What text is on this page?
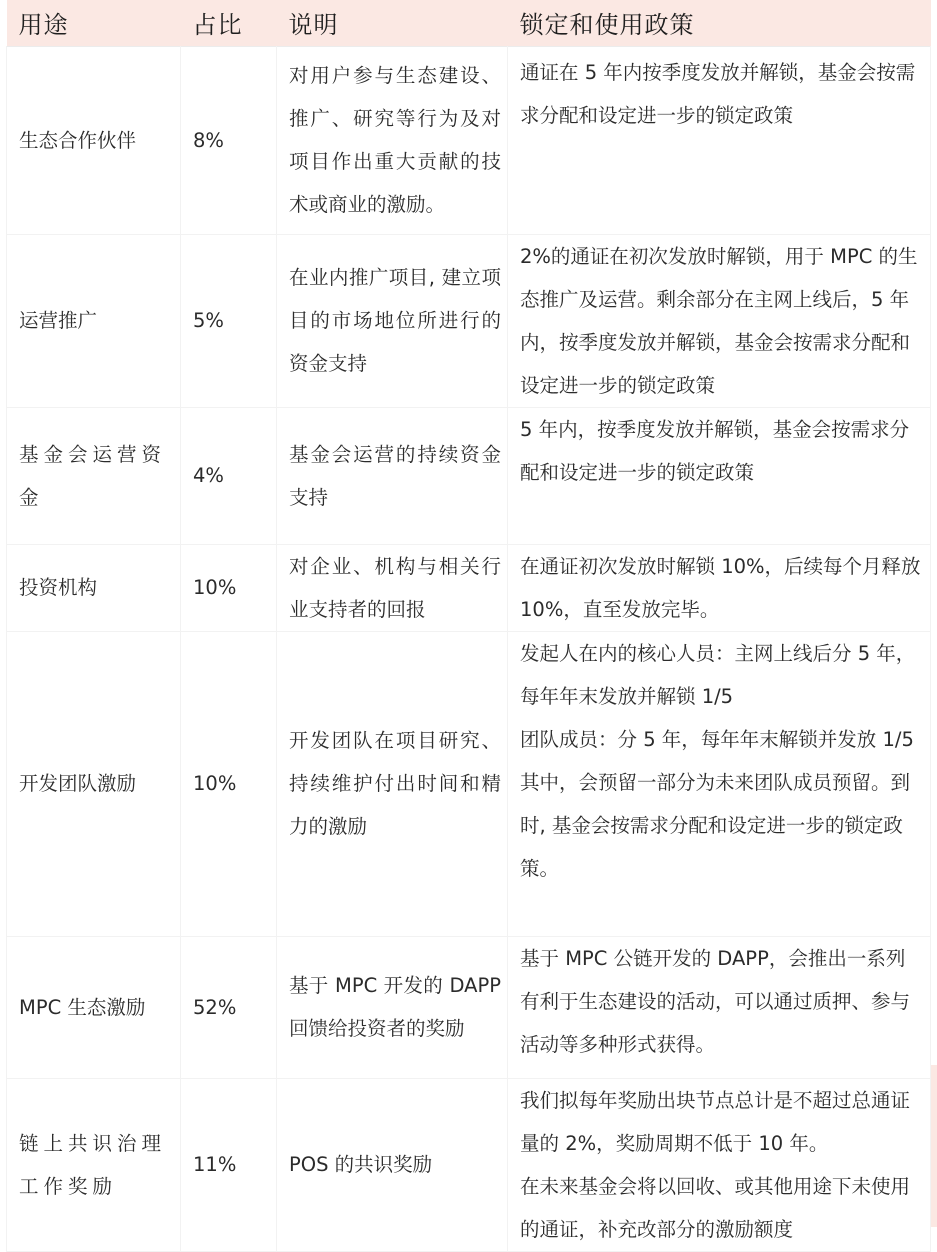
用途	占比	说明	锁定和使用政策
生态合作伙伴	8%	对用户参与生态建设、推广、研究等行为及对项目作出重大贡献的技术或商业的激励。	通证在 5 年内按季度发放并解锁，基金会按需求分配和设定进一步的锁定政策

运营推广	5%	在业内推广项目, 建立项目的市场地位所进行的资金支持	2%的通证在初次发放时解锁，用于 MPC 的生态推广及运营。剩余部分在主网上线后，5 年内，按季度发放并解锁，基金会按需求分配和设定进一步的锁定政策

基金会运营资金	4%	基金会运营的持续资金支持	5 年内，按季度发放并解锁，基金会按需求分配和设定进一步的锁定政策

投资机构	10%	对企业、机构与相关行业支持者的回报	在通证初次发放时解锁 10%，后续每个月释放 10%，直至发放完毕。

开发团队激励	10%	开发团队在项目研究、持续维护付出时间和精力的激励	发起人在内的核心人员：主网上线后分 5 年，每年年末发放并解锁 1/5
团队成员：分 5 年，每年年末解锁并发放 1/5
其中，会预留一部分为未来团队成员预留。到时, 基金会按需求分配和设定进一步的锁定政策。

MPC 生态激励	52%	基于 MPC 开发的 DAPP 回馈给投资者的奖励	基于 MPC 公链开发的 DAPP，会推出一系列有利于生态建设的活动，可以通过质押、参与活动等多种形式获得。

链上共识治理工作奖励	11%	POS 的共识奖励	我们拟每年奖励出块节点总计是不超过总通证量的 2%，奖励周期不低于 10 年。
在未来基金会将以回收、或其他用途下未使用的通证，补充改部分的激励额度
